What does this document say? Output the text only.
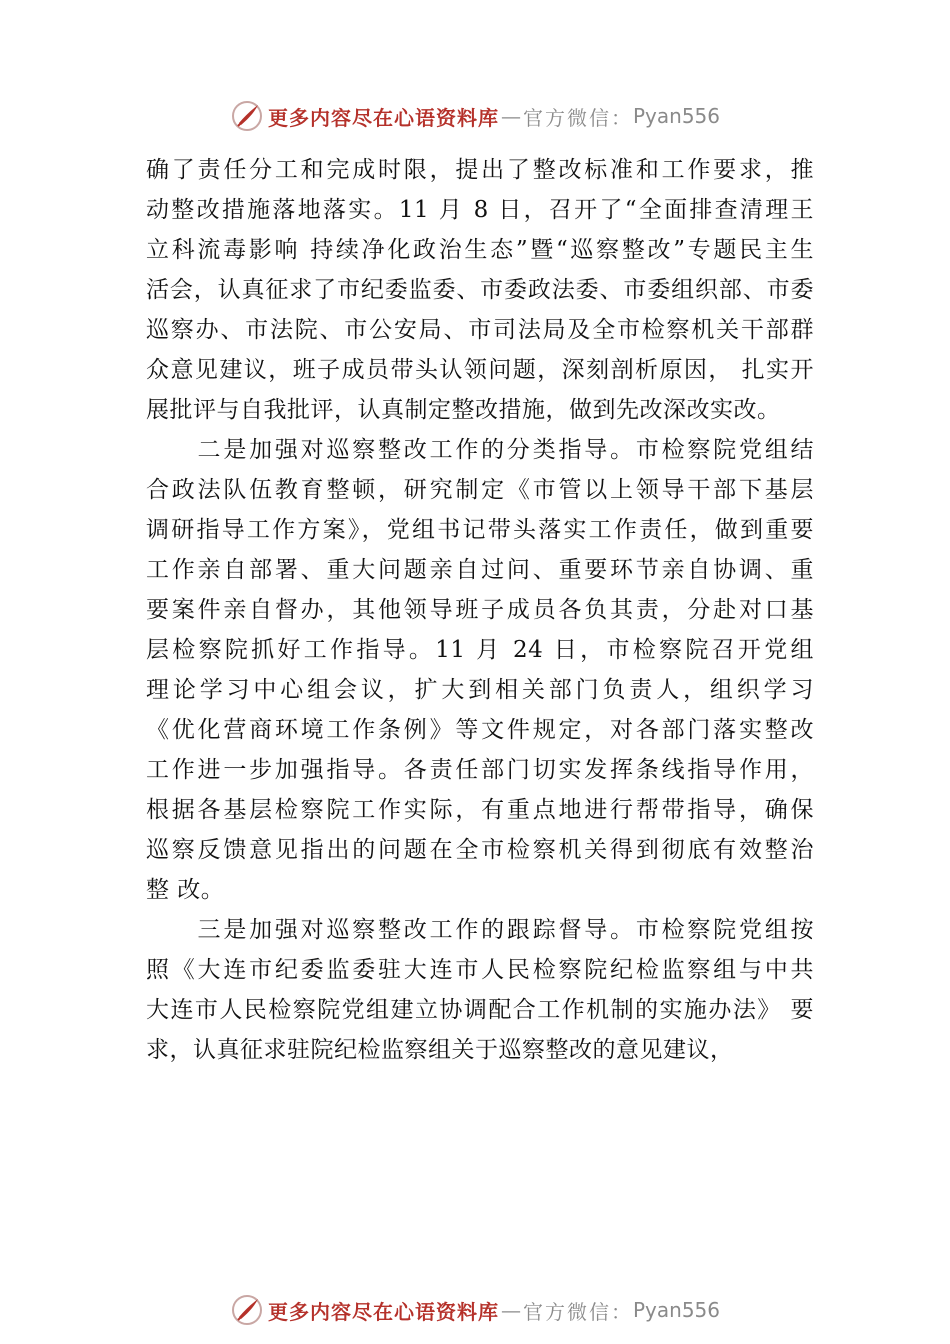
更多内容尽在心语资料库 — 官方微信： Pyan556
确了责任分工和完成时限，提出了整改标准和工作要求，推
动整改措施落地落实。11 月 8 日，召开了“全面排查清理王
立科流毒影响 持续净化政治生态”暨“巡察整改”专题民主生
活会，认真征求了市纪委监委、市委政法委、市委组织部、市委
巡察办、市法院、市公安局、市司法局及全市检察机关干部群
众意见建议，班子成员带头认领问题，深刻剖析原因， 扎实开
展批评与自我批评，认真制定整改措施，做到先改深改实改。
　　二是加强对巡察整改工作的分类指导。市检察院党组结
合政法队伍教育整顿，研究制定《市管以上领导干部下基层
调研指导工作方案》，党组书记带头落实工作责任，做到重要
工作亲自部署、重大问题亲自过问、重要环节亲自协调、重
要案件亲自督办，其他领导班子成员各负其责，分赴对口基
层检察院抓好工作指导。11 月 24 日，市检察院召开党组
理论学习中心组会议，扩大到相关部门负责人，组织学习
《优化营商环境工作条例》等文件规定，对各部门落实整改
工作进一步加强指导。各责任部门切实发挥条线指导作用，
根据各基层检察院工作实际，有重点地进行帮带指导，确保
巡察反馈意见指出的问题在全市检察机关得到彻底有效整治
整 改。
　　三是加强对巡察整改工作的跟踪督导。市检察院党组按
照《大连市纪委监委驻大连市人民检察院纪检监察组与中共
大连市人民检察院党组建立协调配合工作机制的实施办法》 要
求，认真征求驻院纪检监察组关于巡察整改的意见建议，
更多内容尽在心语资料库 — 官方微信： Pyan556
